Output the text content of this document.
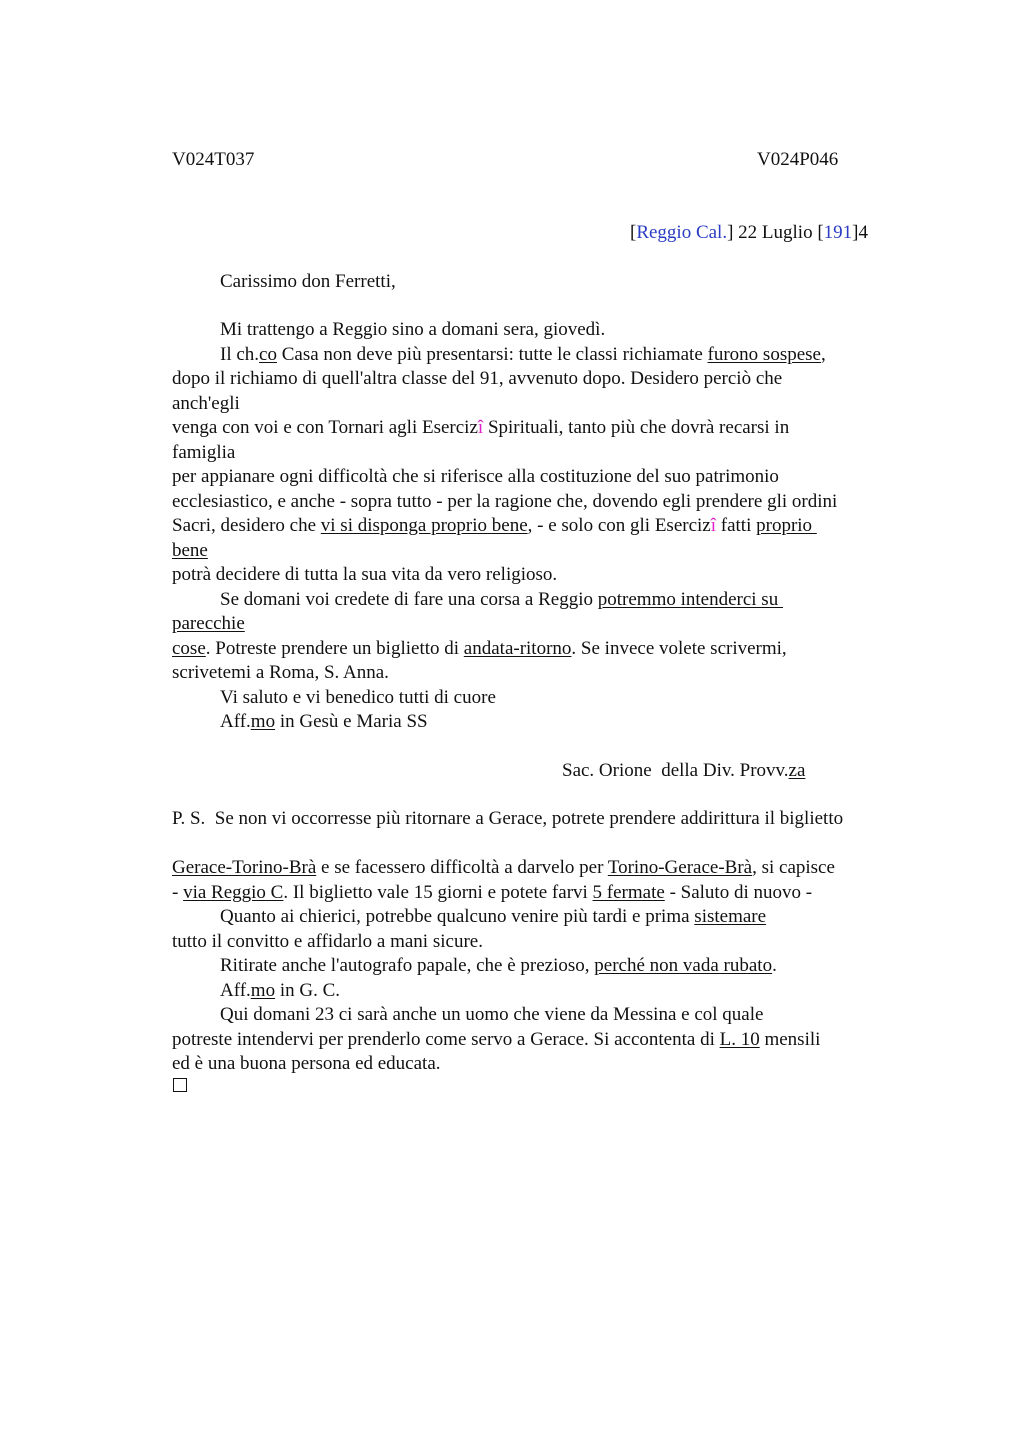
V024T037	V024P046
[Reggio Cal.] 22 Luglio [191]4
Carissimo don Ferretti,
Mi trattengo a Reggio sino a domani sera, giovedì.
Il ch.co Casa non deve più presentarsi: tutte le classi richiamate furono sospese,
dopo il richiamo di quell'altra classe del 91, avvenuto dopo. Desidero perciò che
anch'egli
venga con voi e con Tornari agli Esercizî Spirituali, tanto più che dovrà recarsi in
famiglia
per appianare ogni difficoltà che si riferisce alla costituzione del suo patrimonio
ecclesiastico, e anche - sopra tutto - per la ragione che, dovendo egli prendere gli ordini
Sacri, desidero che vi si disponga proprio bene, - e solo con gli Esercizî fatti proprio
bene
potrà decidere di tutta la sua vita da vero religioso.
Se domani voi credete di fare una corsa a Reggio potremmo intenderci su
parecchie
cose. Potreste prendere un biglietto di andata-ritorno. Se invece volete scrivermi,
scrivetemi a Roma, S. Anna.
Vi saluto e vi benedico tutti di cuore
Aff.mo in Gesù e Maria SS
Sac. Orione  della Div. Provv.za
P. S.  Se non vi occorresse più ritornare a Gerace, potrete prendere addirittura il biglietto
Gerace-Torino-Brà e se facessero difficoltà a darvelo per Torino-Gerace-Brà, si capisce
- via Reggio C. Il biglietto vale 15 giorni e potete farvi 5 fermate - Saluto di nuovo -
Quanto ai chierici, potrebbe qualcuno venire più tardi e prima sistemare
tutto il convitto e affidarlo a mani sicure.
Ritirate anche l'autografo papale, che è prezioso, perché non vada rubato.
Aff.mo in G. C.
Qui domani 23 ci sarà anche un uomo che viene da Messina e col quale
potreste intendervi per prenderlo come servo a Gerace. Si accontenta di L. 10 mensili
ed è una buona persona ed educata.
